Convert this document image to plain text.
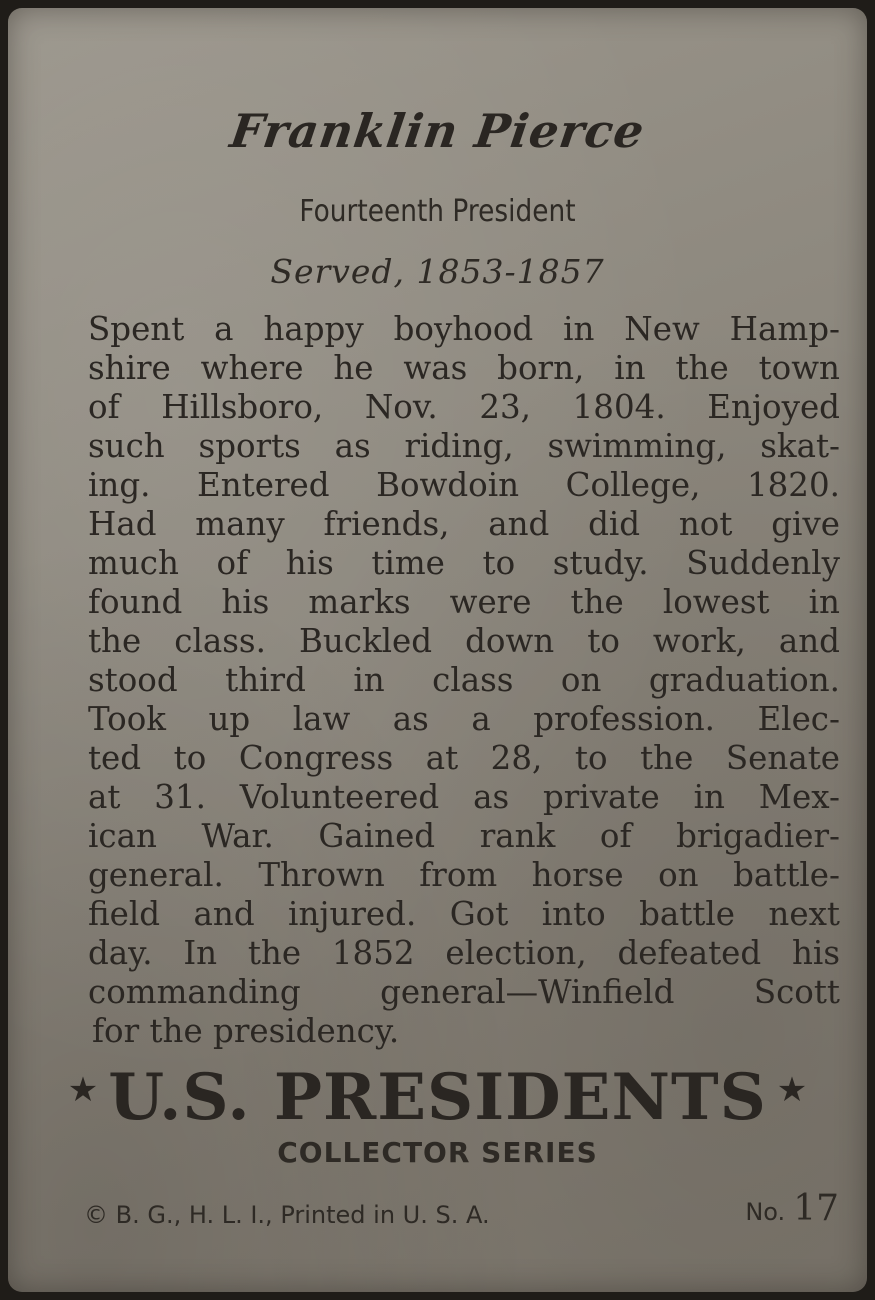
Franklin Pierce
Fourteenth President
Served, 1853-1857
Spent a happy boyhood in New Hamp-
shire where he was born, in the town
of Hillsboro, Nov. 23, 1804. Enjoyed
such sports as riding, swimming, skat-
ing. Entered Bowdoin College, 1820.
Had many friends, and did not give
much of his time to study. Suddenly
found his marks were the lowest in
the class. Buckled down to work, and
stood third in class on graduation.
Took up law as a profession. Elec-
ted to Congress at 28, to the Senate
at 31. Volunteered as private in Mex-
ican War. Gained rank of brigadier-
general. Thrown from horse on battle-
field and injured. Got into battle next
day. In the 1852 election, defeated his
commanding general—Winfield Scott
for the presidency.
★ U.S. PRESIDENTS ★
COLLECTOR SERIES
© B. G., H. L. I., Printed in U. S. A.	No. 17
